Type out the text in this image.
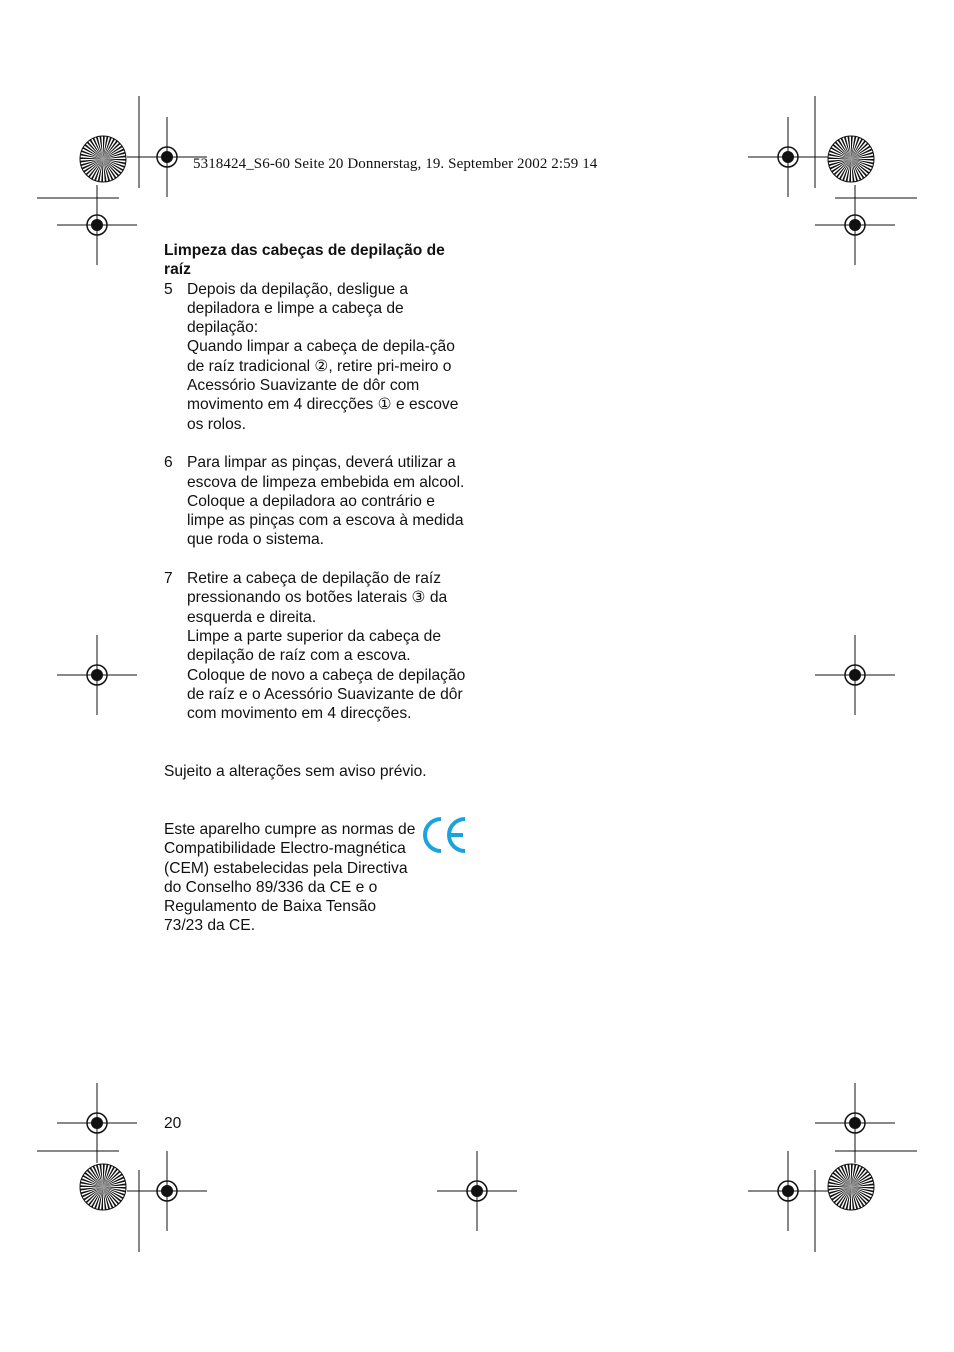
5318424_S6-60 Seite 20 Donnerstag, 19. September 2002 2:59 14

Limpeza das cabeças de depilação de raíz

5 Depois da depilação, desligue a depiladora e limpe a cabeça de depilação:

Quando limpar a cabeça de depila-ção de raíz tradicional ②, retire pri-meiro o Acessório Suavizante de dôr com movimento em 4 direcções ① e escove os rolos.

6 Para limpar as pinças, deverá utilizar a escova de limpeza embebida em alcool. Coloque a depiladora ao contrário e limpe as pinças com a escova à medida que roda o sistema.

7 Retire a cabeça de depilação de raíz pressionando os botões laterais ③ da esquerda e direita.

Limpe a parte superior da cabeça de depilação de raíz com a escova.

Coloque de novo a cabeça de depilação de raíz e o Acessório Suavizante de dôr com movimento em 4 direcções.

Sujeito a alterações sem aviso prévio.

Este aparelho cumpre as normas de Compatibilidade Electro-magnética (CEM) estabelecidas pela Directiva do Conselho 89/336 da CE e o Regulamento de Baixa Tensão 73/23 da CE.

20
